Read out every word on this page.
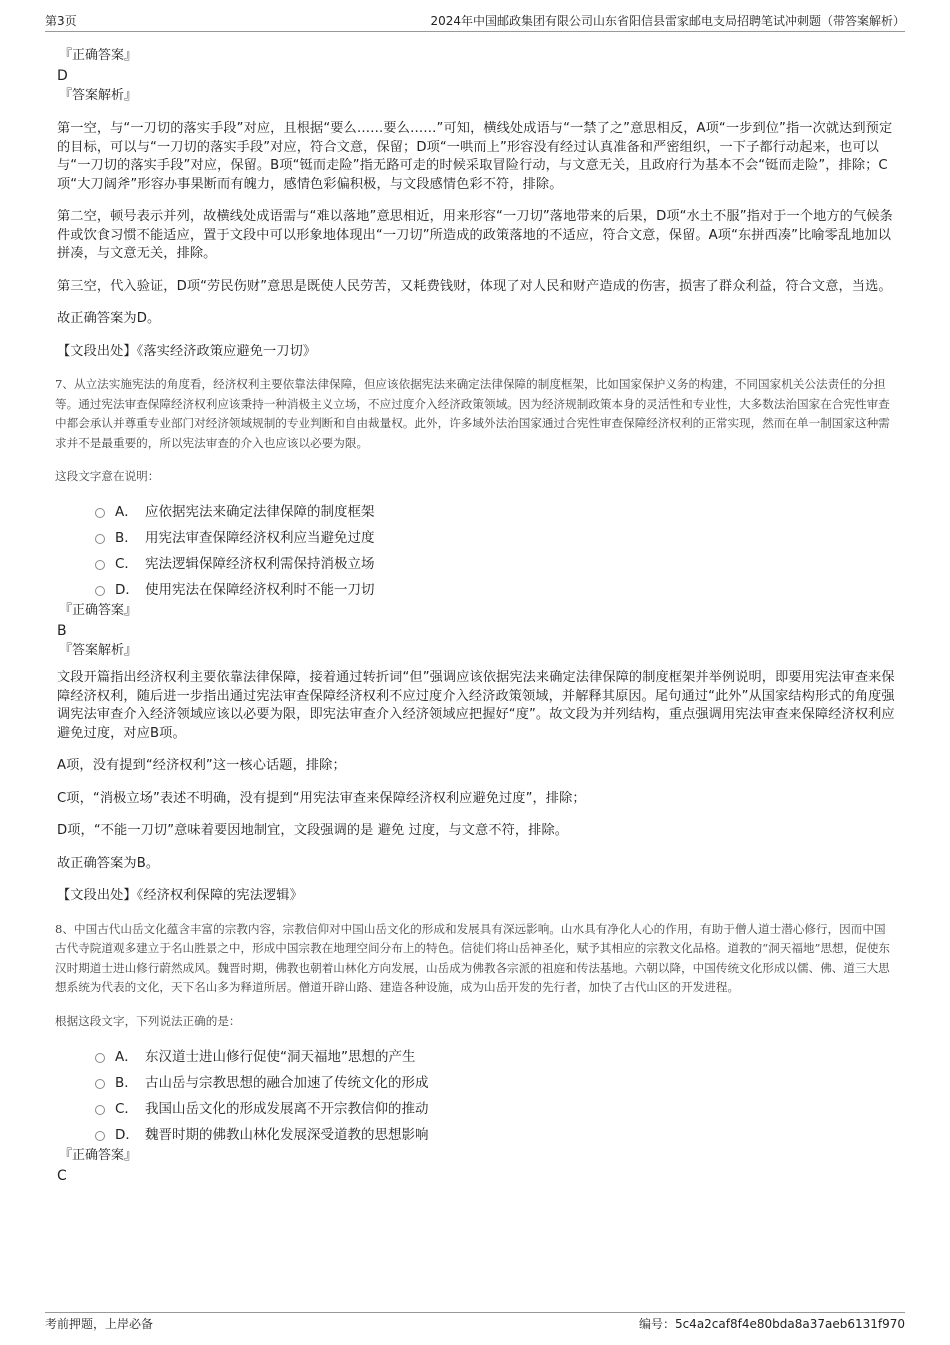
第3页	2024年中国邮政集团有限公司山东省阳信县雷家邮电支局招聘笔试冲刺题（带答案解析）
『正确答案』
D
『答案解析』

第一空，与“一刀切的落实手段”对应，且根据“要么……要么……”可知，横线处成语与“一禁了之”意思相反，A项“一步到位”指一次就达到预定的目标，可以与“一刀切的落实手段”对应，符合文意，保留；D项“一哄而上”形容没有经过认真准备和严密组织，一下子都行动起来，也可以与“一刀切的落实手段”对应，保留。B项“铤而走险”指无路可走的时候采取冒险行动，与文意无关，且政府行为基本不会“铤而走险”，排除；C项“大刀阔斧”形容办事果断而有魄力，感情色彩偏积极，与文段感情色彩不符，排除。

第二空，顿号表示并列，故横线处成语需与“难以落地”意思相近，用来形容“一刀切”落地带来的后果，D项“水土不服”指对于一个地方的气候条件或饮食习惯不能适应，置于文段中可以形象地体现出“一刀切”所造成的政策落地的不适应，符合文意，保留。A项“东拼西凑”比喻零乱地加以拼凑，与文意无关，排除。

第三空，代入验证，D项“劳民伤财”意思是既使人民劳苦，又耗费钱财，体现了对人民和财产造成的伤害，损害了群众利益，符合文意，当选。

故正确答案为D。

【文段出处】《落实经济政策应避免一刀切》

7、从立法实施宪法的角度看，经济权利主要依靠法律保障，但应该依据宪法来确定法律保障的制度框架，比如国家保护义务的构建，不同国家机关公法责任的分担等。通过宪法审查保障经济权利应该秉持一种消极主义立场，不应过度介入经济政策领域。因为经济规制政策本身的灵活性和专业性，大多数法治国家在合宪性审查中都会承认并尊重专业部门对经济领域规制的专业判断和自由裁量权。此外，许多域外法治国家通过合宪性审查保障经济权利的正常实现，然而在单一制国家这种需求并不是最重要的，所以宪法审查的介入也应该以必要为限。

这段文字意在说明：

A． 应依据宪法来确定法律保障的制度框架
B． 用宪法审查保障经济权利应当避免过度
C． 宪法逻辑保障经济权利需保持消极立场
D． 使用宪法在保障经济权利时不能一刀切
『正确答案』
B
『答案解析』

文段开篇指出经济权利主要依靠法律保障，接着通过转折词“但”强调应该依据宪法来确定法律保障的制度框架并举例说明，即要用宪法审查来保障经济权利，随后进一步指出通过宪法审查保障经济权利不应过度介入经济政策领域，并解释其原因。尾句通过“此外”从国家结构形式的角度强调宪法审查介入经济领域应该以必要为限，即宪法审查介入经济领域应把握好“度”。故文段为并列结构，重点强调用宪法审查来保障经济权利应避免过度，对应B项。

A项，没有提到“经济权利”这一核心话题，排除；

C项，“消极立场”表述不明确，没有提到“用宪法审查来保障经济权利应避免过度”，排除；

D项，“不能一刀切”意味着要因地制宜，文段强调的是 避免 过度，与文意不符，排除。

故正确答案为B。

【文段出处】《经济权利保障的宪法逻辑》

8、中国古代山岳文化蕴含丰富的宗教内容，宗教信仰对中国山岳文化的形成和发展具有深远影响。山水具有净化人心的作用，有助于僧人道士潜心修行，因而中国古代寺院道观多建立于名山胜景之中，形成中国宗教在地理空间分布上的特色。信徒们将山岳神圣化，赋予其相应的宗教文化品格。道教的“洞天福地”思想，促使东汉时期道士进山修行蔚然成风。魏晋时期，佛教也朝着山林化方向发展，山岳成为佛教各宗派的祖庭和传法基地。六朝以降，中国传统文化形成以儒、佛、道三大思想系统为代表的文化，天下名山多为释道所居。僧道开辟山路、建造各种设施，成为山岳开发的先行者，加快了古代山区的开发进程。

根据这段文字，下列说法正确的是：

A． 东汉道士进山修行促使“洞天福地”思想的产生
B． 古山岳与宗教思想的融合加速了传统文化的形成
C． 我国山岳文化的形成发展离不开宗教信仰的推动
D． 魏晋时期的佛教山林化发展深受道教的思想影响
『正确答案』
C
考前押题，上岸必备	编号：5c4a2caf8f4e80bda8a37aeb6131f970
